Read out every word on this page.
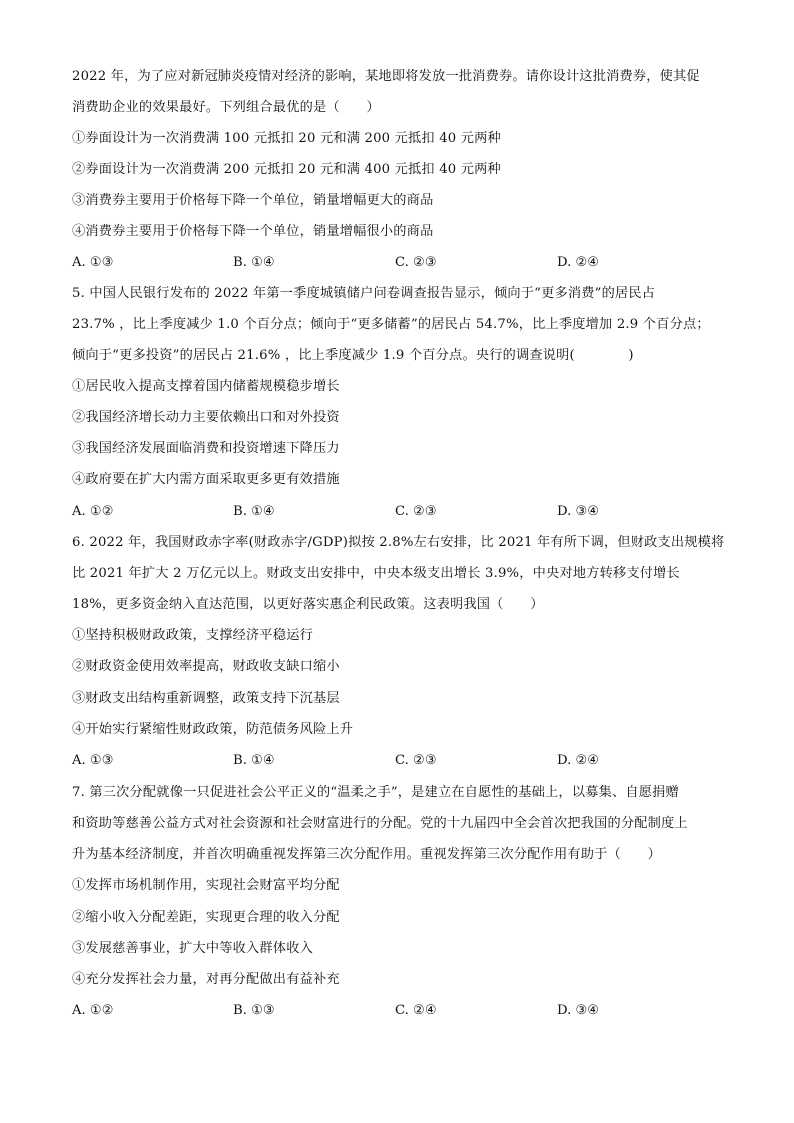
2022 年，为了应对新冠肺炎疫情对经济的影响，某地即将发放一批消费券。请你设计这批消费券，使其促
消费助企业的效果最好。下列组合最优的是（　　）
①券面设计为一次消费满 100 元抵扣 20 元和满 200 元抵扣 40 元两种
②券面设计为一次消费满 200 元抵扣 20 元和满 400 元抵扣 40 元两种
③消费券主要用于价格每下降一个单位，销量增幅更大的商品
④消费券主要用于价格每下降一个单位，销量增幅很小的商品
A. ①③	B. ①④	C. ②③	D. ②④
5. 中国人民银行发布的 2022 年第一季度城镇储户问卷调查报告显示，倾向于“更多消费”的居民占
23.7% ，比上季度减少 1.0 个百分点；倾向于“更多储蓄”的居民占 54.7%，比上季度增加 2.9 个百分点；
倾向于“更多投资”的居民占 21.6% ，比上季度减少 1.9 个百分点。央行的调查说明(　　　　)
①居民收入提高支撑着国内储蓄规模稳步增长
②我国经济增长动力主要依赖出口和对外投资
③我国经济发展面临消费和投资增速下降压力
④政府要在扩大内需方面采取更多更有效措施
A. ①②	B. ①④	C. ②③	D. ③④
6. 2022 年，我国财政赤字率(财政赤字/GDP)拟按 2.8%左右安排，比 2021 年有所下调，但财政支出规模将
比 2021 年扩大 2 万亿元以上。财政支出安排中，中央本级支出增长 3.9%，中央对地方转移支付增长
18%，更多资金纳入直达范围，以更好落实惠企利民政策。这表明我国（　　）
①坚持积极财政政策，支撑经济平稳运行
②财政资金使用效率提高，财政收支缺口缩小
③财政支出结构重新调整，政策支持下沉基层
④开始实行紧缩性财政政策，防范债务风险上升
A. ①③	B. ①④	C. ②③	D. ②④
7. 第三次分配就像一只促进社会公平正义的“温柔之手”，是建立在自愿性的基础上，以募集、自愿捐赠
和资助等慈善公益方式对社会资源和社会财富进行的分配。党的十九届四中全会首次把我国的分配制度上
升为基本经济制度，并首次明确重视发挥第三次分配作用。重视发挥第三次分配作用有助于（　　）
①发挥市场机制作用，实现社会财富平均分配
②缩小收入分配差距，实现更合理的收入分配
③发展慈善事业，扩大中等收入群体收入
④充分发挥社会力量，对再分配做出有益补充
A. ①②	B. ①③	C. ②④	D. ③④
